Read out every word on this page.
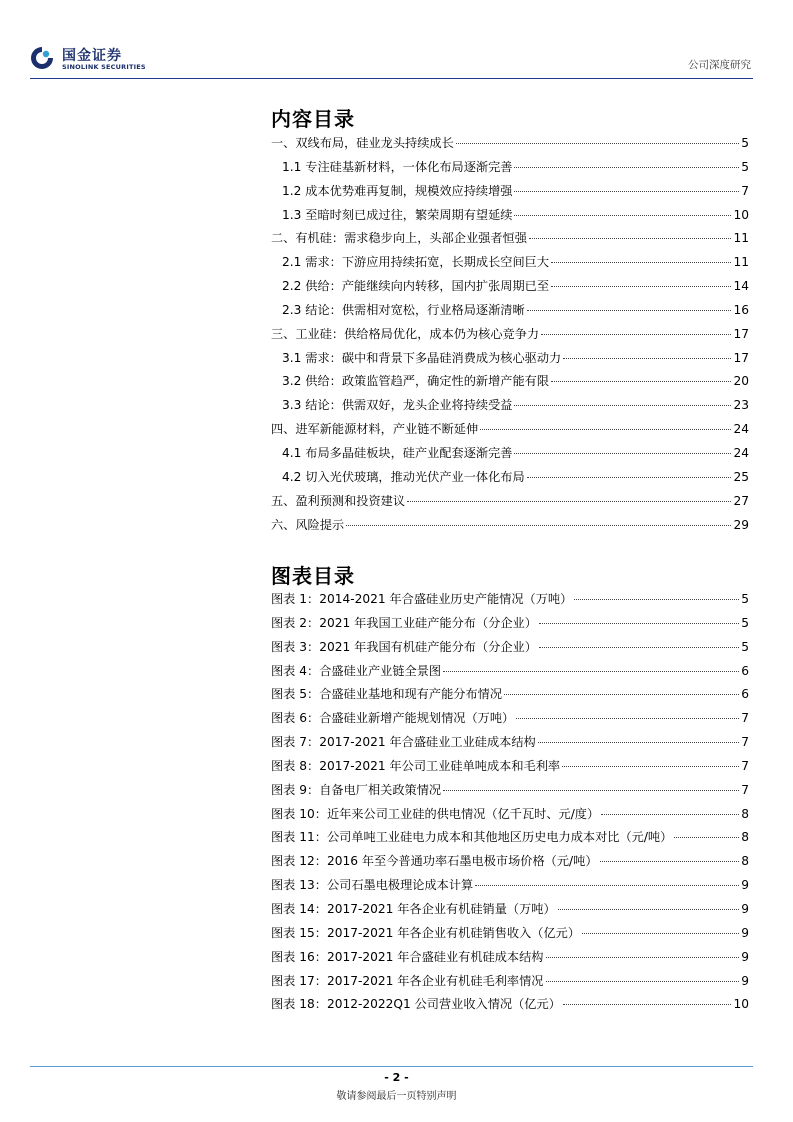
国金证券
SINOLINK SECURITIES	公司深度研究
内容目录
一、双线布局，硅业龙头持续成长	5
1.1 专注硅基新材料，一体化布局逐渐完善	5
1.2 成本优势难再复制，规模效应持续增强	7
1.3 至暗时刻已成过往，繁荣周期有望延续	10
二、有机硅：需求稳步向上，头部企业强者恒强	11
2.1 需求：下游应用持续拓宽，长期成长空间巨大	11
2.2 供给：产能继续向内转移，国内扩张周期已至	14
2.3 结论：供需相对宽松，行业格局逐渐清晰	16
三、工业硅：供给格局优化，成本仍为核心竞争力	17
3.1 需求：碳中和背景下多晶硅消费成为核心驱动力	17
3.2 供给：政策监管趋严，确定性的新增产能有限	20
3.3 结论：供需双好，龙头企业将持续受益	23
四、进军新能源材料，产业链不断延伸	24
4.1 布局多晶硅板块，硅产业配套逐渐完善	24
4.2 切入光伏玻璃，推动光伏产业一体化布局	25
五、盈利预测和投资建议	27
六、风险提示	29
图表目录
图表 1：2014-2021 年合盛硅业历史产能情况（万吨）	5
图表 2：2021 年我国工业硅产能分布（分企业）	5
图表 3：2021 年我国有机硅产能分布（分企业）	5
图表 4：合盛硅业产业链全景图	6
图表 5：合盛硅业基地和现有产能分布情况	6
图表 6：合盛硅业新增产能规划情况（万吨）	7
图表 7：2017-2021 年合盛硅业工业硅成本结构	7
图表 8：2017-2021 年公司工业硅单吨成本和毛利率	7
图表 9：自备电厂相关政策情况	7
图表 10：近年来公司工业硅的供电情况（亿千瓦时、元/度）	8
图表 11：公司单吨工业硅电力成本和其他地区历史电力成本对比（元/吨）	8
图表 12：2016 年至今普通功率石墨电极市场价格（元/吨）	8
图表 13：公司石墨电极理论成本计算	9
图表 14：2017-2021 年各企业有机硅销量（万吨）	9
图表 15：2017-2021 年各企业有机硅销售收入（亿元）	9
图表 16：2017-2021 年合盛硅业有机硅成本结构	9
图表 17：2017-2021 年各企业有机硅毛利率情况	9
图表 18：2012-2022Q1 公司营业收入情况（亿元）	10
- 2 -
敬请参阅最后一页特别声明
